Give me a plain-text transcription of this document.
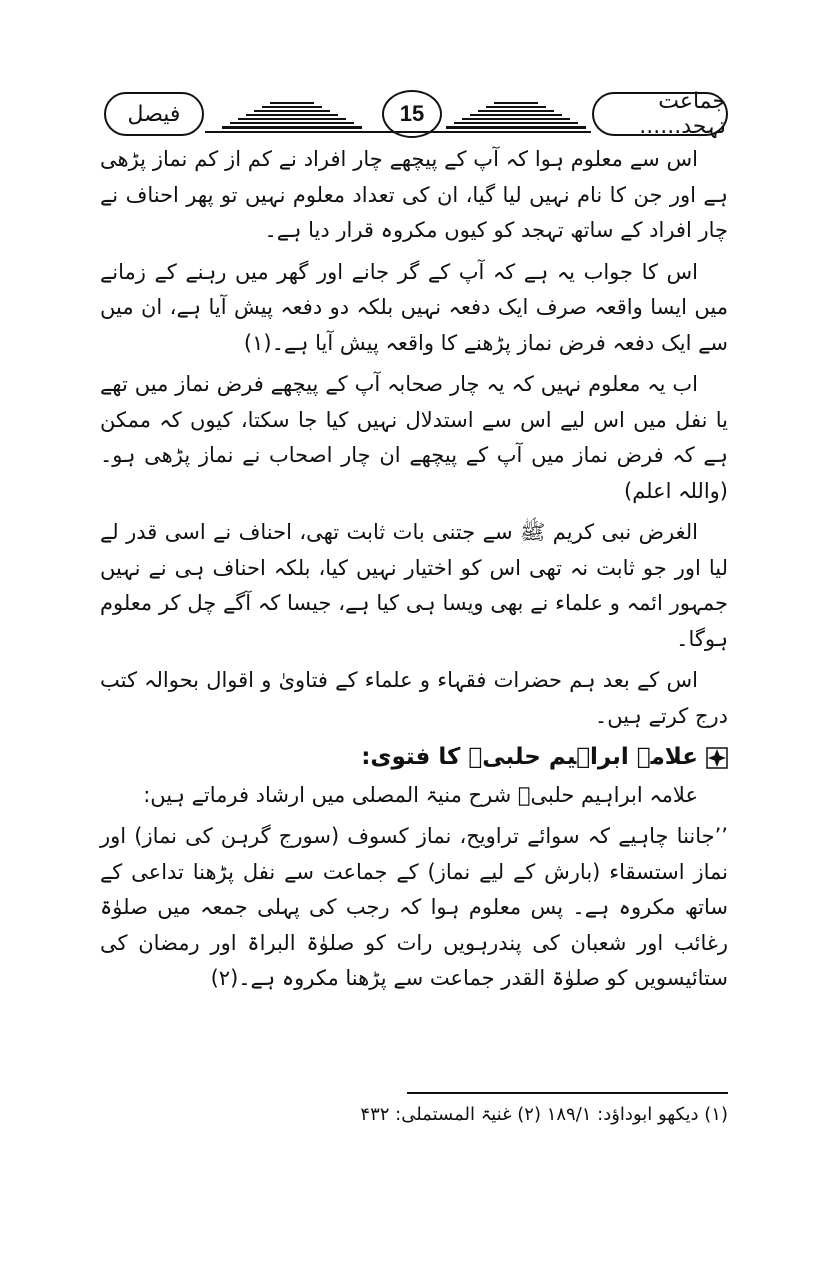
جماعت تہجد......
15
فیصل

اس سے معلوم ہوا کہ آپ کے پیچھے چار افراد نے کم از کم نماز پڑھی ہے اور جن کا نام نہیں لیا گیا، ان کی تعداد معلوم نہیں تو پھر احناف نے چار افراد کے ساتھ تہجد کو کیوں مکروہ قرار دیا ہے۔

اس کا جواب یہ ہے کہ آپ کے گر جانے اور گھر میں رہنے کے زمانے میں ایسا واقعہ صرف ایک دفعہ نہیں بلکہ دو دفعہ پیش آیا ہے، ان میں سے ایک دفعہ فرض نماز پڑھنے کا واقعہ پیش آیا ہے۔(۱)

اب یہ معلوم نہیں کہ یہ چار صحابہ آپ کے پیچھے فرض نماز میں تھے یا نفل میں اس لیے اس سے استدلال نہیں کیا جا سکتا، کیوں کہ ممکن ہے کہ فرض نماز میں آپ کے پیچھے ان چار اصحاب نے نماز پڑھی ہو۔(واللہ اعلم)

الغرض نبی کریم ﷺ سے جتنی بات ثابت تھی، احناف نے اسی قدر لے لیا اور جو ثابت نہ تھی اس کو اختیار نہیں کیا، بلکہ احناف ہی نے نہیں جمہور ائمہ و علماء نے بھی ویسا ہی کیا ہے، جیسا کہ آگے چل کر معلوم ہوگا۔

اس کے بعد ہم حضرات فقہاء و علماء کے فتاویٰ و اقوال بحوالہ کتب درج کرتے ہیں۔

علامہ ابراہیم حلبیؒ کا فتوی:

علامہ ابراہیم حلبیؒ شرح منیۃ المصلی میں ارشاد فرماتے ہیں:

’’جاننا چاہیے کہ سوائے تراویح، نماز کسوف (سورج گرہن کی نماز) اور نماز استسقاء (بارش کے لیے نماز) کے جماعت سے نفل پڑھنا تداعی کے ساتھ مکروہ ہے۔ پس معلوم ہوا کہ رجب کی پہلی جمعہ میں صلوٰۃ رغائب اور شعبان کی پندرہویں رات کو صلوٰۃ البراۃ اور رمضان کی ستائیسویں کو صلوٰۃ القدر جماعت سے پڑھنا مکروہ ہے۔(۲)

(۱) دیکھو ابوداؤد: ۱۸۹/۱ (۲) غنیۃ المستملی: ۴۳۲
